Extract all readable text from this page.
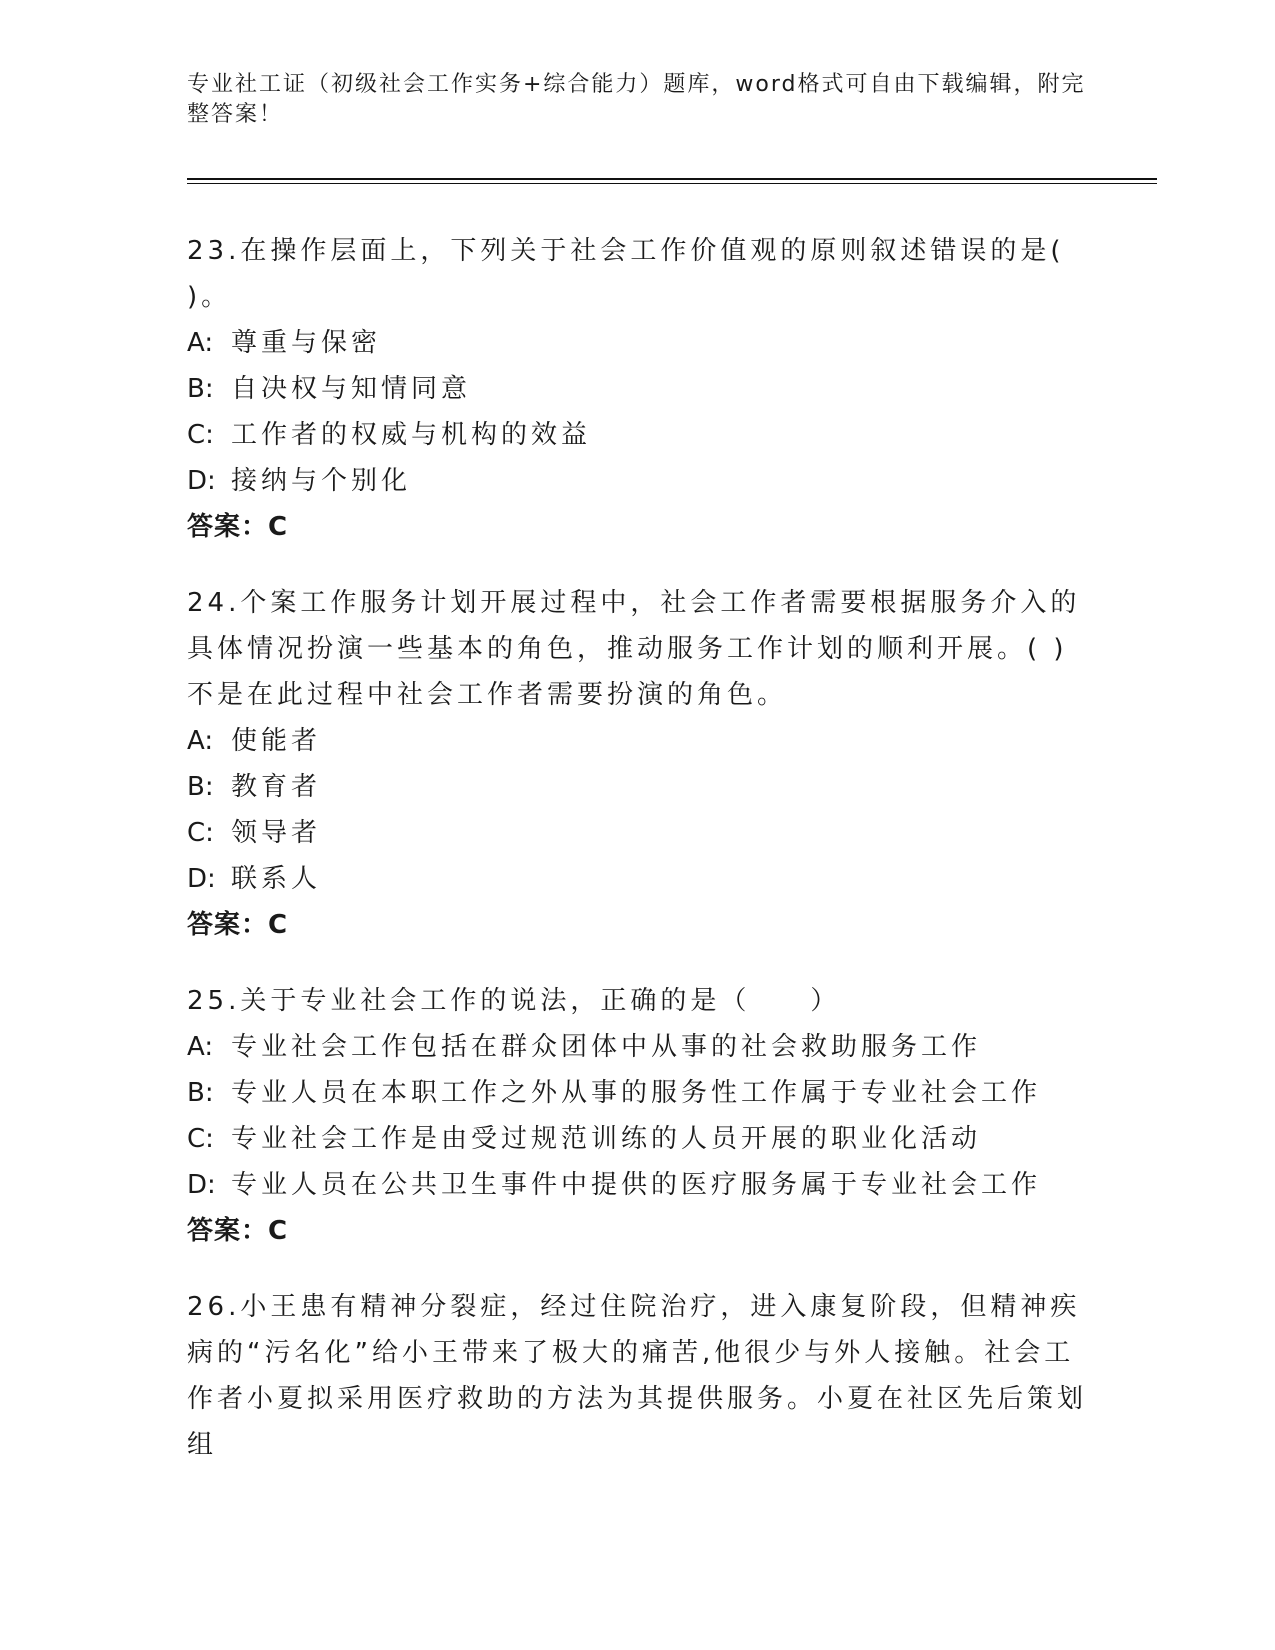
专业社工证（初级社会工作实务+综合能力）题库，word格式可自由下载编辑，附完整答案！
23.在操作层面上，下列关于社会工作价值观的原则叙述错误的是( )。
A: 尊重与保密
B: 自决权与知情同意
C: 工作者的权威与机构的效益
D: 接纳与个别化
答案：C
24.个案工作服务计划开展过程中，社会工作者需要根据服务介入的具体情况扮演一些基本的角色，推动服务工作计划的顺利开展。( )不是在此过程中社会工作者需要扮演的角色。
A: 使能者
B: 教育者
C: 领导者
D: 联系人
答案：C
25.关于专业社会工作的说法，正确的是（　　）
A: 专业社会工作包括在群众团体中从事的社会救助服务工作
B: 专业人员在本职工作之外从事的服务性工作属于专业社会工作
C: 专业社会工作是由受过规范训练的人员开展的职业化活动
D: 专业人员在公共卫生事件中提供的医疗服务属于专业社会工作
答案：C
26.小王患有精神分裂症，经过住院治疗，进入康复阶段，但精神疾病的“污名化”给小王带来了极大的痛苦,他很少与外人接触。社会工作者小夏拟采用医疗救助的方法为其提供服务。小夏在社区先后策划组
